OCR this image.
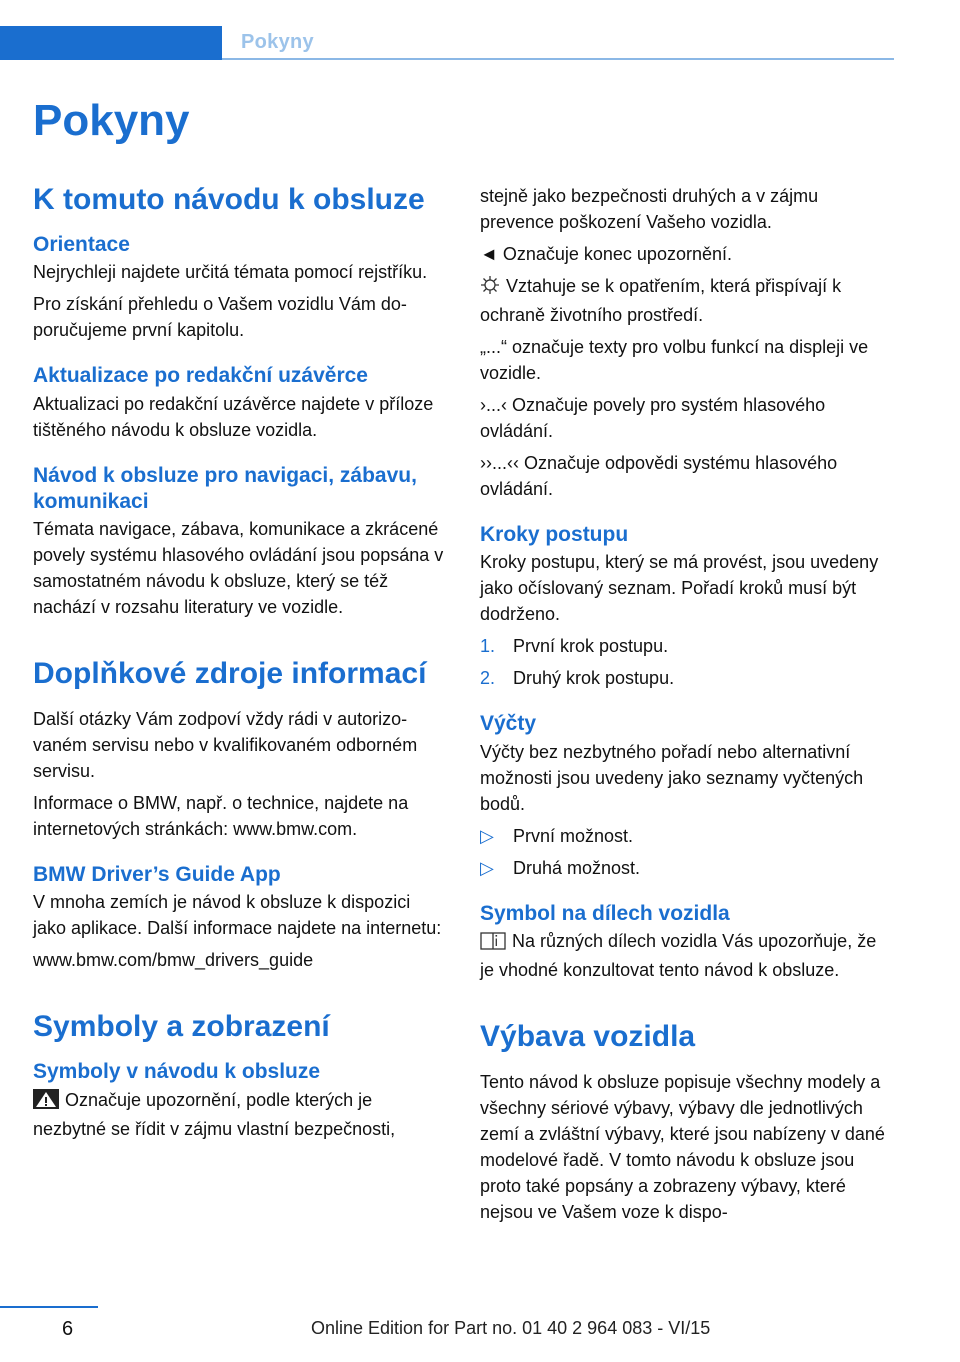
Pokyny
Pokyny
K tomuto návodu k obsluze
Orientace

Nejrychleji najdete určitá témata pomocí rejstříku.

Pro získání přehledu o Vašem vozidlu Vám doporučujeme první kapitolu.

Aktualizace po redakční uzávěrce

Aktualizaci po redakční uzávěrce najdete v příloze tištěného návodu k obsluze vozidla.

Návod k obsluze pro navigaci, zábavu, komunikaci

Témata navigace, zábava, komunikace a zkrácené povely systému hlasového ovládání jsou popsána v samostatném návodu k obsluze, který se též nachází v rozsahu literatury ve vozidle.

Doplňkové zdroje informací

Další otázky Vám zodpoví vždy rádi v autorizovaném servisu nebo v kvalifikovaném odborném servisu.

Informace o BMW, např. o technice, najdete na internetových stránkách: www.bmw.com.

BMW Driver’s Guide App

V mnoha zemích je návod k obsluze k dispozici jako aplikace. Další informace najdete na internetu:

www.bmw.com/bmw_drivers_guide

Symboly a zobrazení
Symboly v návodu k obsluze

Označuje upozornění, podle kterých je nezbytné se řídit v zájmu vlastní bezpečnosti,

stejně jako bezpečnosti druhých a v zájmu prevence poškození Vašeho vozidla.

◄ Označuje konec upozornění.

Vztahuje se k opatřením, která přispívají k ochraně životního prostředí.

„...“ označuje texty pro volbu funkcí na displeji ve vozidle.

›...‹ Označuje povely pro systém hlasového ovládání.

››...‹‹ Označuje odpovědi systému hlasového ovládání.

Kroky postupu

Kroky postupu, který se má provést, jsou uvedeny jako očíslovaný seznam. Pořadí kroků musí být dodrženo.

1. První krok postupu.
2. Druhý krok postupu.
Výčty

Výčty bez nezbytného pořadí nebo alternativní možnosti jsou uvedeny jako seznamy vyčtených bodů.

▷	První možnost.
▷	Druhá možnost.
Symbol na dílech vozidla

Na různých dílech vozidla Vás upozorňuje, že je vhodné konzultovat tento návod k obsluze.

Výbava vozidla

Tento návod k obsluze popisuje všechny modely a všechny sériové výbavy, výbavy dle jednotlivých zemí a zvláštní výbavy, které jsou nabízeny v dané modelové řadě. V tomto návodu k obsluze jsou proto také popsány a zobrazeny výbavy, které nejsou ve Vašem voze k dispo-

6	Online Edition for Part no. 01 40 2 964 083 - VI/15
